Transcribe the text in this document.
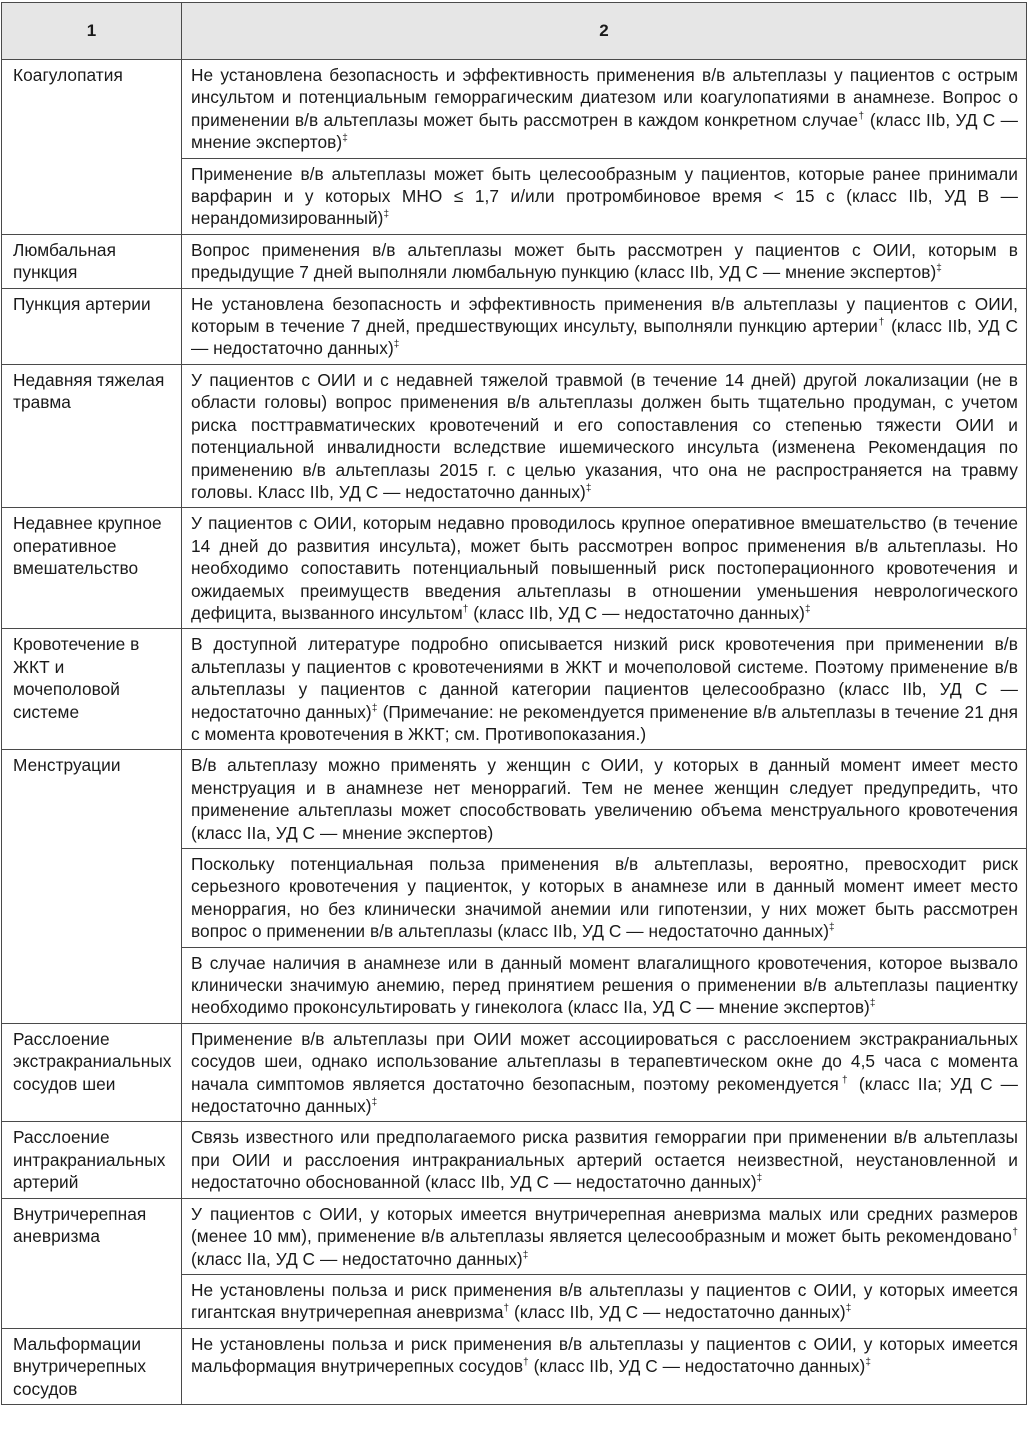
1	2
Коагулопатия	Не установлена безопасность и эффективность применения в/в альтеплазы у пациентов с острым инсультом и потенциальным геморрагическим диатезом или коагулопатиями в анамнезе. Вопрос о применении в/в альтеплазы может быть рассмотрен в каждом конкретном случае† (класс IIb, УД С — мнение экспертов)‡
Применение в/в альтеплазы может быть целесообразным у пациентов, которые ранее принимали варфарин и у которых МНО ≤ 1,7 и/или протромбиновое время < 15 с (класс IIb, УД В — нерандомизированный)‡

Люмбальная пункция	Вопрос применения в/в альтеплазы может быть рассмотрен у пациентов с ОИИ, которым в предыдущие 7 дней выполняли люмбальную пункцию (класс IIb, УД С — мнение экспертов)‡

Пункция артерии	Не установлена безопасность и эффективность применения в/в альтеплазы у пациентов с ОИИ, которым в течение 7 дней, предшествующих инсульту, выполняли пункцию артерии† (класс IIb, УД С — недостаточно данных)‡

Недавняя тяжелая травма	У пациентов с ОИИ и с недавней тяжелой травмой (в течение 14 дней) другой локализации (не в области головы) вопрос применения в/в альтеплазы должен быть тщательно продуман, с учетом риска посттравматических кровотечений и его сопоставления со степенью тяжести ОИИ и потенциальной инвалидности вследствие ишемического инсульта (изменена Рекомендация по применению в/в альтеплазы 2015 г. с целью указания, что она не распространяется на травму головы. Класс IIb, УД С — недостаточно данных)‡

Недавнее крупное оперативное вмешательство	У пациентов с ОИИ, которым недавно проводилось крупное оперативное вмешательство (в течение 14 дней до развития инсульта), может быть рассмотрен вопрос применения в/в альтеплазы. Но необходимо сопоставить потенциальный повышенный риск постоперационного кровотечения и ожидаемых преимуществ введения альтеплазы в отношении уменьшения неврологического дефицита, вызванного инсультом† (класс IIb, УД С — недостаточно данных)‡

Кровотечение в ЖКТ и мочеполовой системе	В доступной литературе подробно описывается низкий риск кровотечения при применении в/в альтеплазы у пациентов с кровотечениями в ЖКТ и мочеполовой системе. Поэтому применение в/в альтеплазы у пациентов с данной категории пациентов целесообразно (класс IIb, УД С — недостаточно данных)‡ (Примечание: не рекомендуется применение в/в альтеплазы в течение 21 дня с момента кровотечения в ЖКТ; см. Противопоказания.)

Менструации	В/в альтеплазу можно применять у женщин с ОИИ, у которых в данный момент имеет место менструация и в анамнезе нет меноррагий. Тем не менее женщин следует предупредить, что применение альтеплазы может способствовать увеличению объема менструального кровотечения (класс IIa, УД С — мнение экспертов)
Поскольку потенциальная польза применения в/в альтеплазы, вероятно, превосходит риск серьезного кровотечения у пациенток, у которых в анамнезе или в данный момент имеет место меноррагия, но без клинически значимой анемии или гипотензии, у них может быть рассмотрен вопрос о применении в/в альтеплазы (класс IIb, УД С — недостаточно данных)‡
В случае наличия в анамнезе или в данный момент влагалищного кровотечения, которое вызвало клинически значимую анемию, перед принятием решения о применении в/в альтеплазы пациентку необходимо проконсультировать у гинеколога (класс IIa, УД С — мнение экспертов)‡

Расслоение экстракраниальных сосудов шеи	Применение в/в альтеплазы при ОИИ может ассоциироваться с расслоением экстракраниальных сосудов шеи, однако использование альтеплазы в терапевтическом окне до 4,5 часа с момента начала симптомов является достаточно безопасным, поэтому рекомендуется† (класс IIa; УД С — недостаточно данных)‡

Расслоение интракраниальных артерий	Связь известного или предполагаемого риска развития геморрагии при применении в/в альтеплазы при ОИИ и расслоения интракраниальных артерий остается неизвестной, неустановленной и недостаточно обоснованной (класс IIb, УД С — недостаточно данных)‡

Внутричерепная аневризма	У пациентов с ОИИ, у которых имеется внутричерепная аневризма малых или средних размеров (менее 10 мм), применение в/в альтеплазы является целесообразным и может быть рекомендовано† (класс IIa, УД С — недостаточно данных)‡
Не установлены польза и риск применения в/в альтеплазы у пациентов с ОИИ, у которых имеется гигантская внутричерепная аневризма† (класс IIb, УД С — недостаточно данных)‡

Мальформации внутричерепных сосудов	Не установлены польза и риск применения в/в альтеплазы у пациентов с ОИИ, у которых имеется мальформация внутричерепных сосудов† (класс IIb, УД С — недостаточно данных)‡
